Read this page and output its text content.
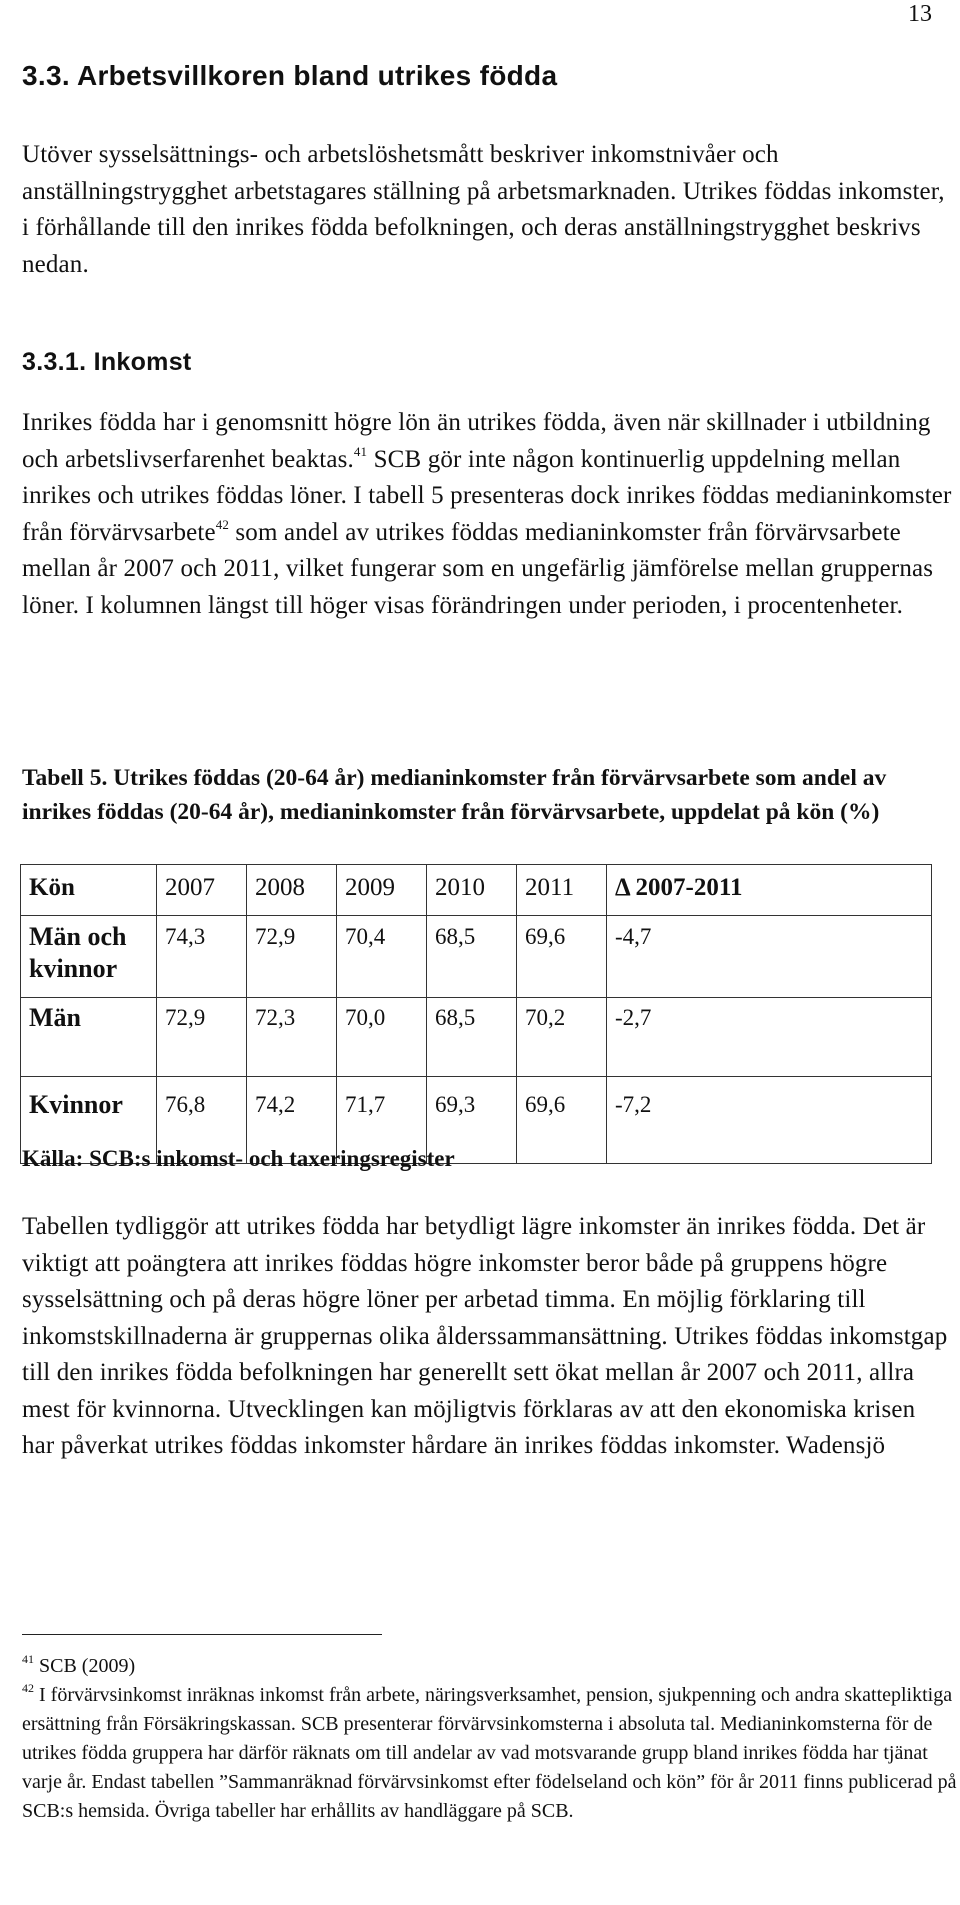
13
3.3. Arbetsvillkoren bland utrikes födda

Utöver sysselsättnings- och arbetslöshetsmått beskriver inkomstnivåer och anställningstrygghet arbetstagares ställning på arbetsmarknaden. Utrikes föddas inkomster, i förhållande till den inrikes födda befolkningen, och deras anställningstrygghet beskrivs nedan.

3.3.1. Inkomst

Inrikes födda har i genomsnitt högre lön än utrikes födda, även när skillnader i utbildning och arbetslivserfarenhet beaktas.$^{41}$ SCB gör inte någon kontinuerlig uppdelning mellan inrikes och utrikes föddas löner. I tabell 5 presenteras dock inrikes föddas medianinkomster från förvärvsarbete$^{42}$ som andel av utrikes föddas medianinkomster från förvärvsarbete mellan år 2007 och 2011, vilket fungerar som en ungefärlig jämförelse mellan gruppernas löner. I kolumnen längst till höger visas förändringen under perioden, i procentenheter.

Tabell 5. Utrikes föddas (20-64 år) medianinkomster från förvärvsarbete som andel av inrikes föddas (20-64 år), medianinkomster från förvärvsarbete, uppdelat på kön (%)

Kön	2007	2008	2009	2010	2011	Δ 2007-2011
Män och kvinnor	74,3	72,9	70,4	68,5	69,6	-4,7
Män	72,9	72,3	70,0	68,5	70,2	-2,7
Kvinnor	76,8	74,2	71,7	69,3	69,6	-7,2

Källa: SCB:s inkomst- och taxeringsregister

Tabellen tydliggör att utrikes födda har betydligt lägre inkomster än inrikes födda. Det är viktigt att poängtera att inrikes föddas högre inkomster beror både på gruppens högre sysselsättning och på deras högre löner per arbetad timma. En möjlig förklaring till inkomstskillnaderna är gruppernas olika ålderssammansättning. Utrikes föddas inkomstgap till den inrikes födda befolkningen har generellt sett ökat mellan år 2007 och 2011, allra mest för kvinnorna. Utvecklingen kan möjligtvis förklaras av att den ekonomiska krisen har påverkat utrikes föddas inkomster hårdare än inrikes föddas inkomster. Wadensjö

$^{41}$ SCB (2009)

$^{42}$ I förvärvsinkomst inräknas inkomst från arbete, näringsverksamhet, pension, sjukpenning och andra skattepliktiga ersättning från Försäkringskassan. SCB presenterar förvärvsinkomsterna i absoluta tal. Medianinkomsterna för de utrikes födda gruppera har därför räknats om till andelar av vad motsvarande grupp bland inrikes födda har tjänat varje år. Endast tabellen ”Sammanräknad förvärvsinkomst efter födelseland och kön” för år 2011 finns publicerad på SCB:s hemsida. Övriga tabeller har erhållits av handläggare på SCB.
